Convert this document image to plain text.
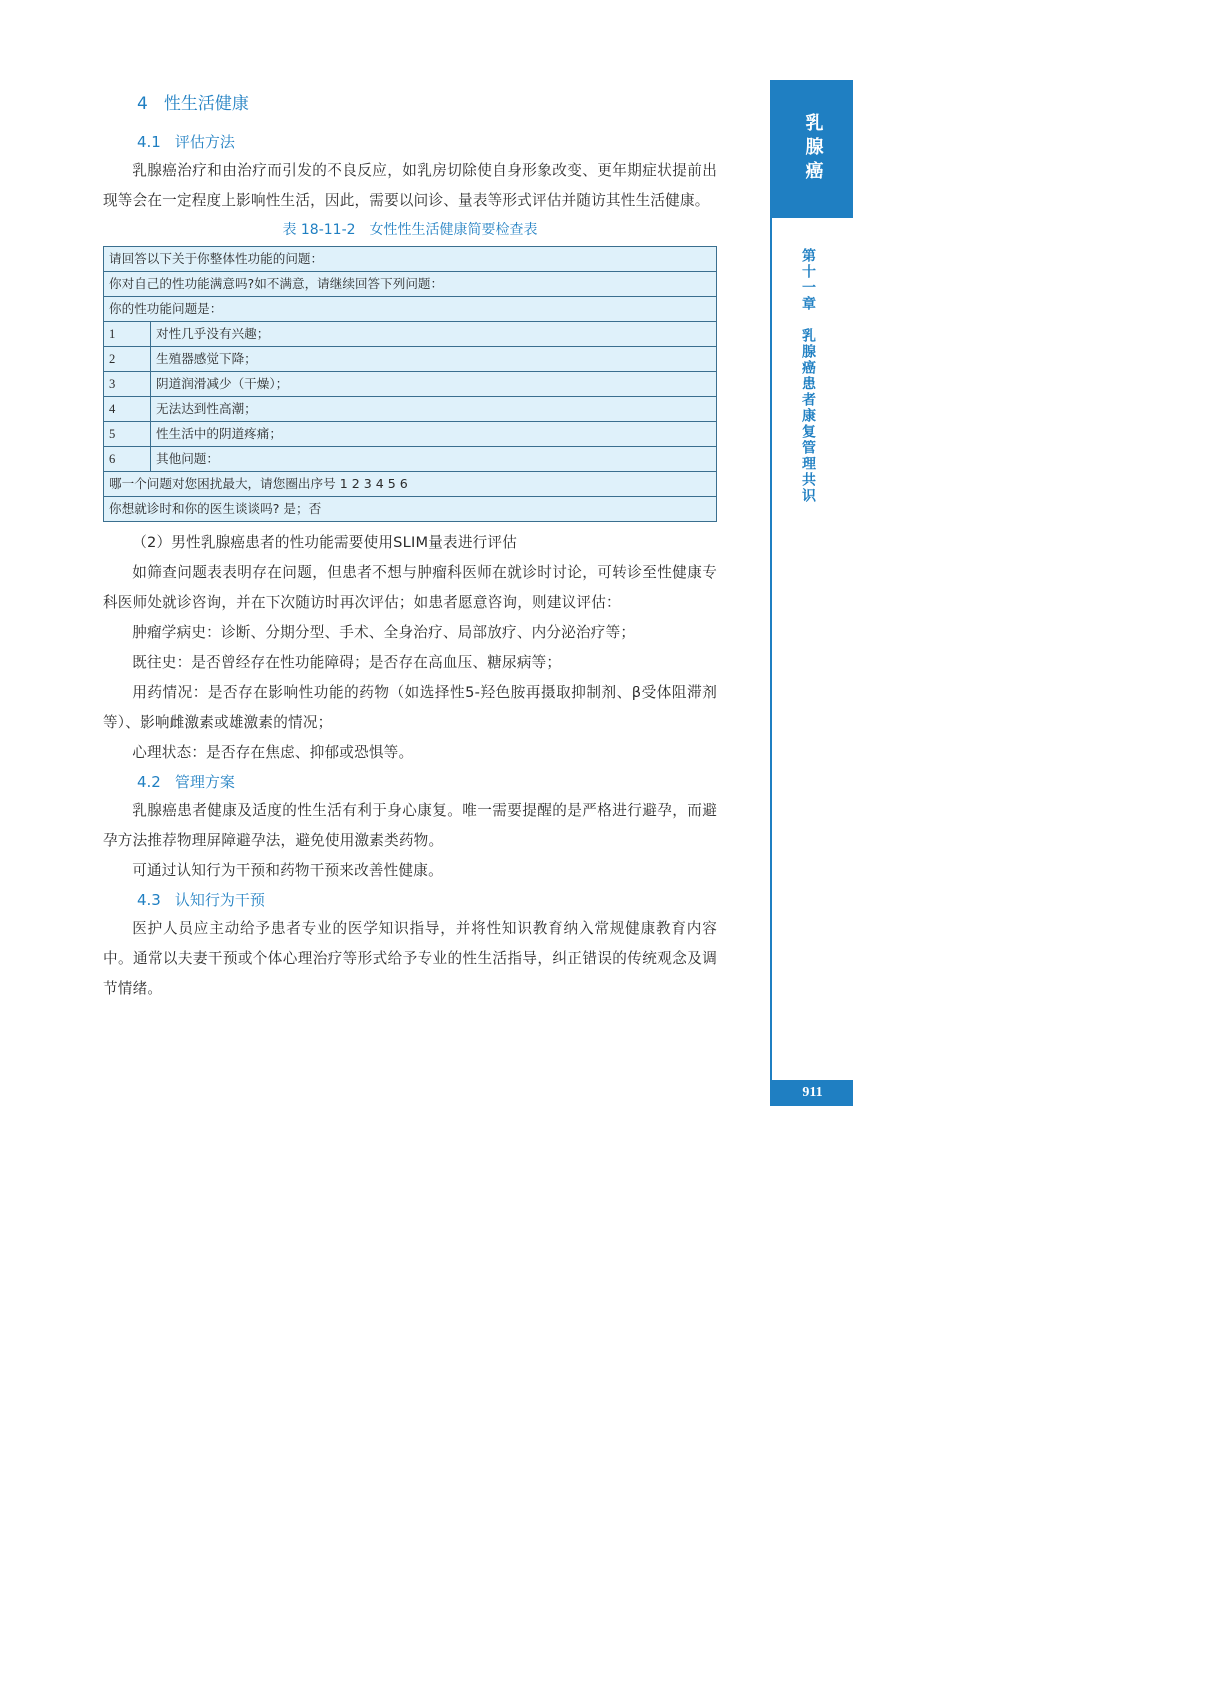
4 性生活健康
4.1 评估方法

乳腺癌治疗和由治疗而引发的不良反应，如乳房切除使自身形象改变、更年期症状提前出现等会在一定程度上影响性生活，因此，需要以问诊、量表等形式评估并随访其性生活健康。

表 18-11-2 女性性生活健康简要检查表
请回答以下关于你整体性功能的问题：	
你对自己的性功能满意吗?如不满意，请继续回答下列问题：	
你的性功能问题是：	
1	对性几乎没有兴趣；
2	生殖器感觉下降；
3	阴道润滑减少（干燥）；
4	无法达到性高潮；
5	性生活中的阴道疼痛；
6	其他问题：
哪一个问题对您困扰最大，请您圈出序号 1 2 3 4 5 6	
你想就诊时和你的医生谈谈吗? 是；否	

（2）男性乳腺癌患者的性功能需要使用SLIM量表进行评估

如筛查问题表表明存在问题，但患者不想与肿瘤科医师在就诊时讨论，可转诊至性健康专科医师处就诊咨询，并在下次随访时再次评估；如患者愿意咨询，则建议评估：

肿瘤学病史：诊断、分期分型、手术、全身治疗、局部放疗、内分泌治疗等；

既往史：是否曾经存在性功能障碍；是否存在高血压、糖尿病等；

用药情况：是否存在影响性功能的药物（如选择性5-羟色胺再摄取抑制剂、β受体阻滞剂等）、影响雌激素或雄激素的情况；

心理状态：是否存在焦虑、抑郁或恐惧等。

4.2 管理方案

乳腺癌患者健康及适度的性生活有利于身心康复。唯一需要提醒的是严格进行避孕，而避孕方法推荐物理屏障避孕法，避免使用激素类药物。

可通过认知行为干预和药物干预来改善性健康。

4.3 认知行为干预

医护人员应主动给予患者专业的医学知识指导，并将性知识教育纳入常规健康教育内容中。通常以夫妻干预或个体心理治疗等形式给予专业的性生活指导，纠正错误的传统观念及调节情绪。

乳腺癌
第十一章　乳腺癌患者康复管理共识
911
